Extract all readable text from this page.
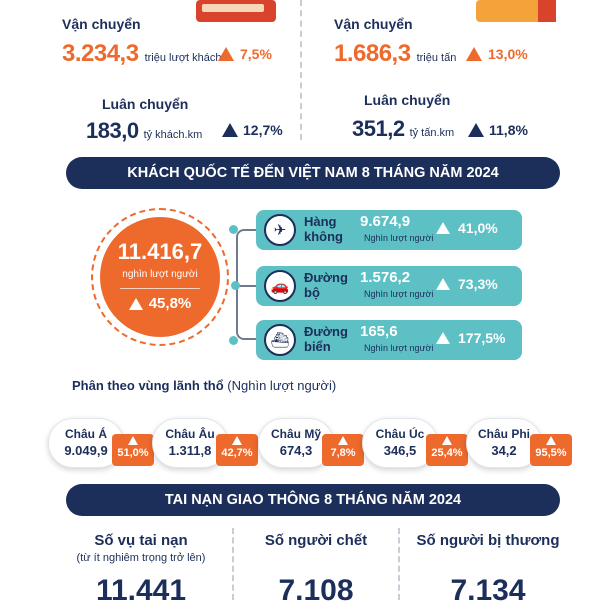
Vận chuyển
3.234,3 triệu lượt khách 7,5%
Luân chuyển
183,0 tỷ khách.km	12,7%
Vận chuyển
1.686,3 triệu tấn 13,0%
Luân chuyển
351,2 tỷ tấn.km 11,8%
KHÁCH QUỐC TẾ ĐẾN VIỆT NAM 8 THÁNG NĂM 2024
11.416,7
nghìn lượt người
45,8%
✈
Hàng
không
9.674,9
Nghìn lượt người
41,0%
🚗
Đường
bộ
1.576,2
Nghìn lượt người
73,3%
⛴
Đường
biển
165,6
Nghìn lượt người
177,5%
Phân theo vùng lãnh thổ (Nghìn lượt người)
Châu Á
9.049,9 51,0%
Châu Âu
1.311,8 42,7%
Châu Mỹ
674,3	7,8%
Châu Úc
346,5	25,4%
Châu Phi
34,2	95,5%
TAI NẠN GIAO THÔNG 8 THÁNG NĂM 2024
Số vụ tai nạn
(từ ít nghiêm trọng trở lên)
11.441
Số người chết
7.108
Số người bị thương
7.134
